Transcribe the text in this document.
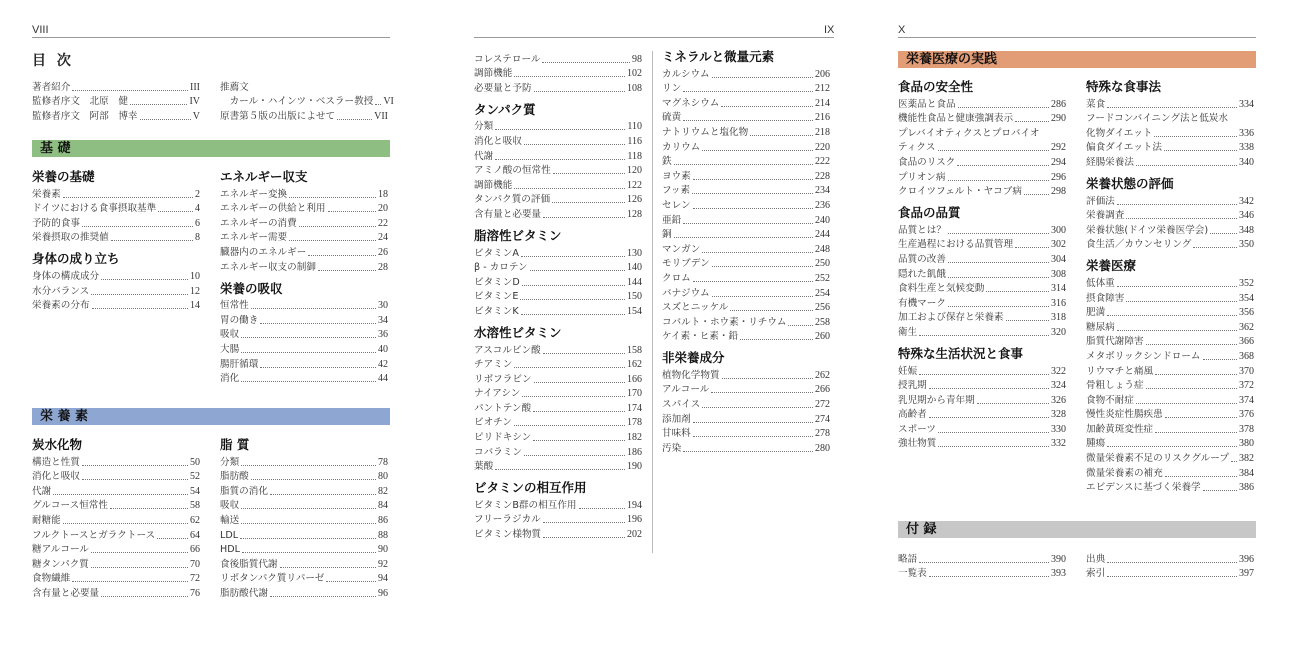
VIII	IX	X
目 次
著者紹介	III
監修者序文　北原　健	IV
監修者序文　阿部　博幸	V
推薦文
　カール・ハインツ・ベスラー教授 VI
原書第５版の出版によせて	VII
基 礎
栄 養 素
栄養医療の実践
付 録
栄養の基礎
栄養素	2
ドイツにおける食事摂取基準	4
予防的食事	6
栄養摂取の推奨値	8
身体の成り立ち
身体の構成成分	10
水分バランス	12
栄養素の分布	14
エネルギー収支
エネルギー変換	18
エネルギーの供給と利用	20
エネルギーの消費	22
エネルギー需要	24
臓器内のエネルギー	26
エネルギー収支の制御	28
栄養の吸収
恒常性	30
胃の働き	34
吸収	36
大腸	40
腸肝循環	42
消化	44
炭水化物
構造と性質	50
消化と吸収	52
代謝	54
グルコース恒常性	58
耐糖能	62
フルクトースとガラクトース	64
糖アルコール	66
糖タンパク質	70
食物繊維	72
含有量と必要量	76
脂 質
分類	78
脂肪酸	80
脂質の消化	82
吸収	84
輸送	86
LDL	88
HDL	90
食後脂質代謝	92
リポタンパク質リパーゼ	94
脂肪酸代謝	96
コレステロール	98
調節機能	102
必要量と予防	108
タンパク質
分類	110
消化と吸収	116
代謝	118
アミノ酸の恒常性	120
調節機能	122
タンパク質の評価	126
含有量と必要量	128
脂溶性ビタミン
ビタミンA	130
β - カロテン	140
ビタミンD	144
ビタミンE	150
ビタミンK	154
水溶性ビタミン
アスコルビン酸	158
チアミン	162
リボフラビン	166
ナイアシン	170
パントテン酸	174
ビオチン	178
ピリドキシン	182
コバラミン	186
葉酸	190
ビタミンの相互作用
ビタミンB群の相互作用	194
フリーラジカル	196
ビタミン様物質	202
ミネラルと微量元素
カルシウム	206
リン	212
マグネシウム	214
硫黄	216
ナトリウムと塩化物	218
カリウム	220
鉄	222
ヨウ素	228
フッ素	234
セレン	236
亜鉛	240
銅	244
マンガン	248
モリブデン	250
クロム	252
バナジウム	254
スズとニッケル	256
コバルト・ホウ素・リチウム	258
ケイ素・ヒ素・鉛	260
非栄養成分
植物化学物質	262
アルコール	266
スパイス	272
添加剤	274
甘味料	278
汚染	280
食品の安全性
医薬品と食品	286
機能性食品と健康強調表示	290
プレバイオティクスとプロバイオ
ティクス	292
食品のリスク	294
プリオン病	296
クロイツフェルト・ヤコブ病	298
食品の品質
品質とは？	300
生産過程における品質管理	302
品質の改善	304
隠れた飢餓	308
食料生産と気候変動	314
有機マーク	316
加工および保存と栄養素	318
衛生	320
特殊な生活状況と食事
妊娠	322
授乳期	324
乳児期から青年期	326
高齢者	328
スポーツ	330
強壮物質	332
特殊な食事法
菜食	334
フードコンバイニング法と低炭水
化物ダイエット	336
偏食ダイエット法	338
経腸栄養法	340
栄養状態の評価
評価法	342
栄養調査	346
栄養状態(ドイツ栄養医学会)	348
食生活／カウンセリング	350
栄養医療
低体重	352
摂食障害	354
肥満	356
糖尿病	362
脂質代謝障害	366
メタボリックシンドローム	368
リウマチと痛風	370
骨粗しょう症	372
食物不耐症	374
慢性炎症性腸疾患	376
加齢黄斑変性症	378
腫瘍	380
微量栄養素不足のリスクグループ 382
微量栄養素の補充	384
エビデンスに基づく栄養学	386
略語	390
一覧表	393
出典	396
索引	397
